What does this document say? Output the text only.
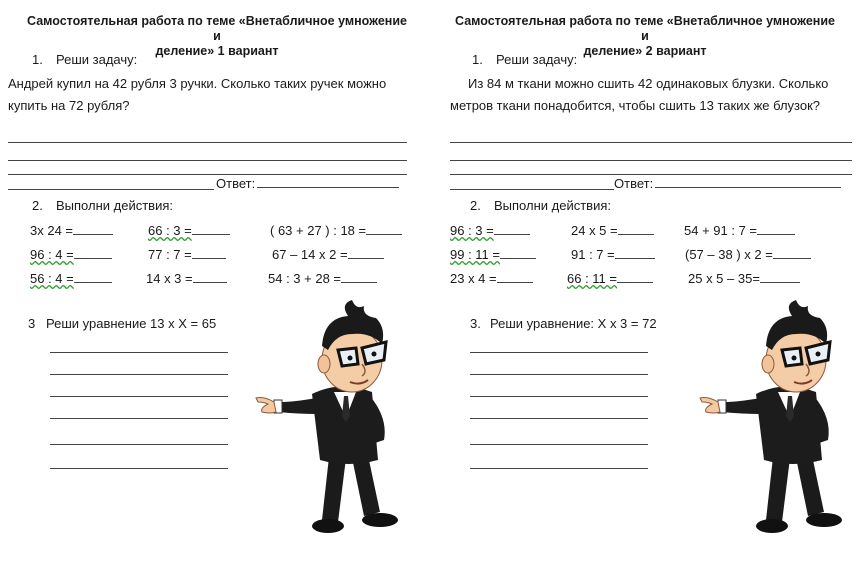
Самостоятельная работа по теме «Внетабличное умножение и
деление» 1 вариант
1. Реши задачу:
Андрей купил на 42 рубля 3 ручки. Сколько таких ручек можно
купить на 72 рубля?
Ответ:
2. Выполни действия:
3х 24 =	66 : 3 =	( 63 + 27 ) : 18 =
96 : 4 =	77 : 7 =	67 – 14 х 2 =
56 : 4 =	14 х 3 =	54 : 3 + 28 =
3 Реши уравнение 13 х Х = 65
Самостоятельная работа по теме «Внетабличное умножение и
деление» 2 вариант
1. Реши задачу:
Из 84 м ткани можно сшить 42 одинаковых блузки. Сколько
метров ткани понадобится, чтобы сшить 13 таких же блузок?
Ответ:
2. Выполни действия:
96 : 3 =	24 х 5 =	54 + 91 : 7 =
99 : 11 =	91 : 7 =	(57 – 38 ) х 2 =
23 х 4 =	66 : 11 =	25 х 5 – 35=
3. Реши уравнение: Х х 3 = 72
